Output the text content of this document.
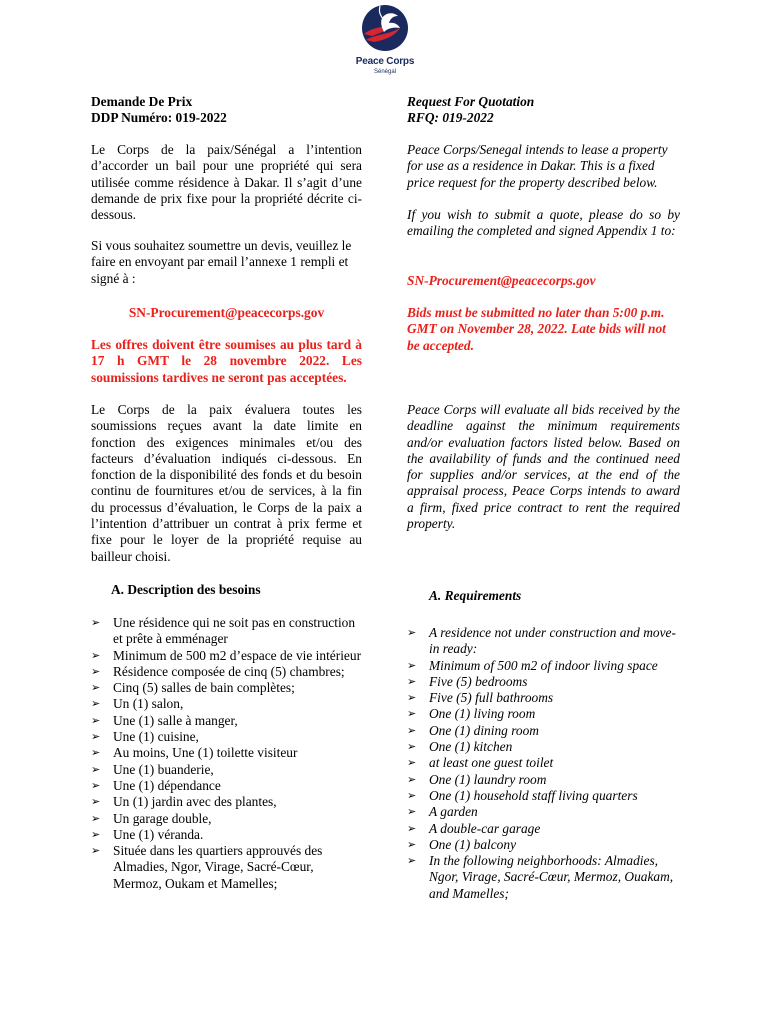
Peace Corps
Sénégal
Demande De Prix
DDP Numéro: 019-2022

Le Corps de la paix/Sénégal a l’intention d’accorder un bail pour une propriété qui sera utilisée comme résidence à Dakar. Il s’agit d’une demande de prix fixe pour la propriété décrite ci-dessous.

Si vous souhaitez soumettre un devis, veuillez le faire en envoyant par email l’annexe 1 rempli et signé à :

SN-Procurement@peacecorps.gov

Les offres doivent être soumises au plus tard à 17 h GMT le 28 novembre 2022. Les soumissions tardives ne seront pas acceptées.

Le Corps de la paix évaluera toutes les soumissions reçues avant la date limite en fonction des exigences minimales et/ou des facteurs d’évaluation indiqués ci-dessous. En fonction de la disponibilité des fonds et du besoin continu de fournitures et/ou de services, à la fin du processus d’évaluation, le Corps de la paix a l’intention d’attribuer un contrat à prix ferme et fixe pour le loyer de la propriété requise au bailleur choisi.

A. Description des besoins
➢ Une résidence qui ne soit pas en construction et prête à emménager
➢ Minimum de 500 m2 d’espace de vie intérieur
➢ Résidence composée de cinq (5) chambres;
➢ Cinq (5) salles de bain complètes;
➢ Un (1) salon,
➢ Une (1) salle à manger,
➢ Une (1) cuisine,
➢ Au moins, Une (1) toilette visiteur
➢ Une (1) buanderie,
➢ Une (1) dépendance
➢ Un (1) jardin avec des plantes,
➢ Un garage double,
➢ Une (1) véranda.
➢ Située dans les quartiers approuvés des Almadies, Ngor, Virage, Sacré-Cœur, Mermoz, Oukam et Mamelles;
Request For Quotation
RFQ: 019-2022

Peace Corps/Senegal intends to lease a property for use as a residence in Dakar. This is a fixed price request for the property described below.

If you wish to submit a quote, please do so by emailing the completed and signed Appendix 1 to:

SN-Procurement@peacecorps.gov

Bids must be submitted no later than 5:00 p.m. GMT on November 28, 2022. Late bids will not be accepted.

Peace Corps will evaluate all bids received by the deadline against the minimum requirements and/or evaluation factors listed below. Based on the availability of funds and the continued need for supplies and/or services, at the end of the appraisal process, Peace Corps intends to award a firm, fixed price contract to rent the required property.

A. Requirements
➢ A residence not under construction and move-in ready:
➢ Minimum of 500 m2 of indoor living space
➢ Five (5) bedrooms
➢ Five (5) full bathrooms
➢ One (1) living room
➢ One (1) dining room
➢ One (1) kitchen
➢ at least one guest toilet
➢ One (1) laundry room
➢ One (1) household staff living quarters
➢ A garden
➢ A double-car garage
➢ One (1) balcony
➢ In the following neighborhoods: Almadies, Ngor, Virage, Sacré-Cœur, Mermoz, Ouakam, and Mamelles;
